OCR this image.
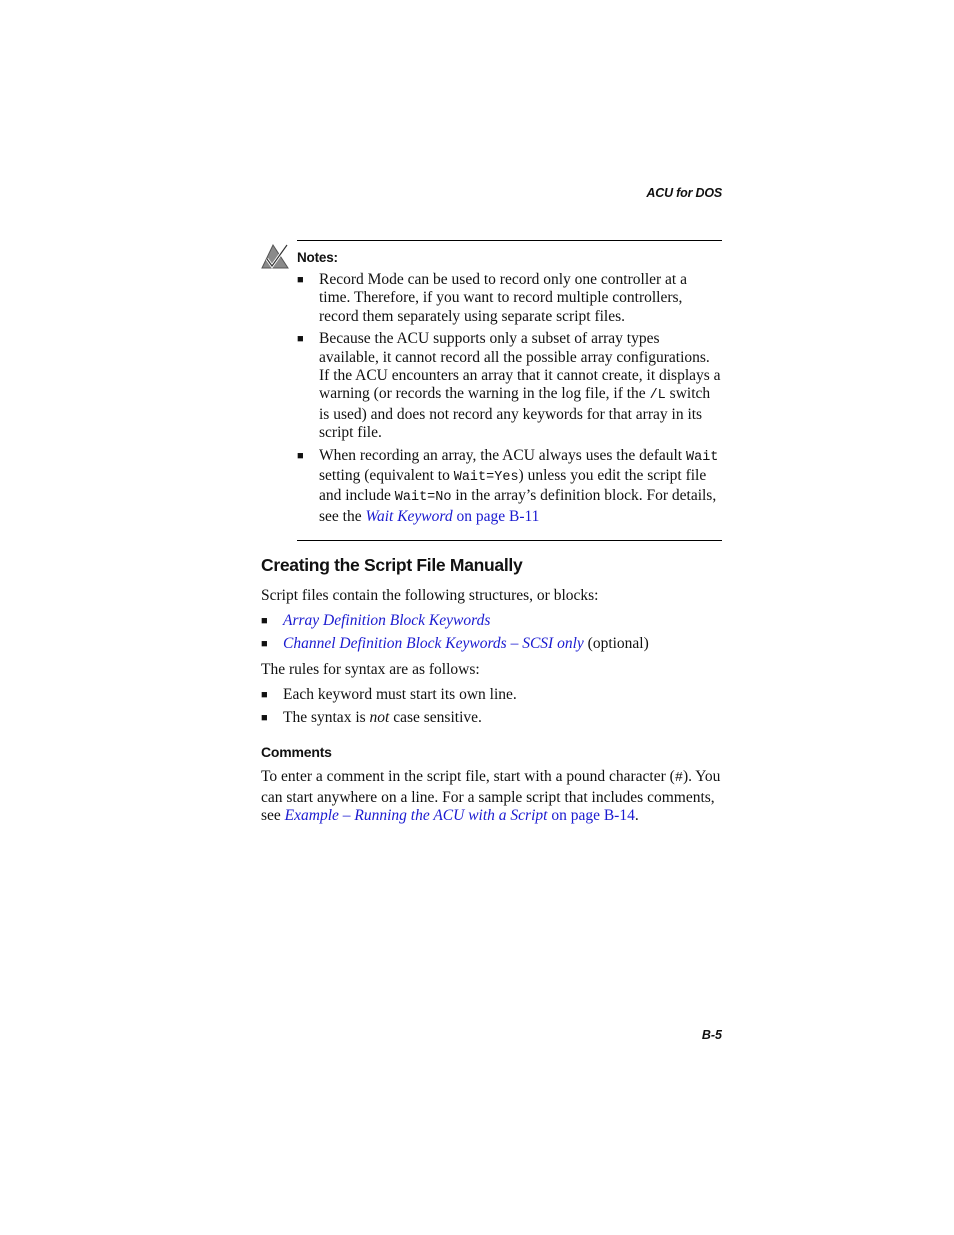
ACU for DOS
Notes:
■ Record Mode can be used to record only one controller at a time. Therefore, if you want to record multiple controllers, record them separately using separate script files.
■ Because the ACU supports only a subset of array types available, it cannot record all the possible array configurations. If the ACU encounters an array that it cannot create, it displays a warning (or records the warning in the log file, if the /L switch is used) and does not record any keywords for that array in its script file.
■ When recording an array, the ACU always uses the default Wait setting (equivalent to Wait=Yes) unless you edit the script file and include Wait=No in the array’s definition block. For details, see the Wait Keyword on page B-11
Creating the Script File Manually

Script files contain the following structures, or blocks:

■ Array Definition Block Keywords
■ Channel Definition Block Keywords – SCSI only (optional)

The rules for syntax are as follows:

■ Each keyword must start its own line.
■ The syntax is not case sensitive.
Comments

To enter a comment in the script file, start with a pound character (#). You can start anywhere on a line. For a sample script that includes comments, see Example – Running the ACU with a Script on page B-14.

B-5
